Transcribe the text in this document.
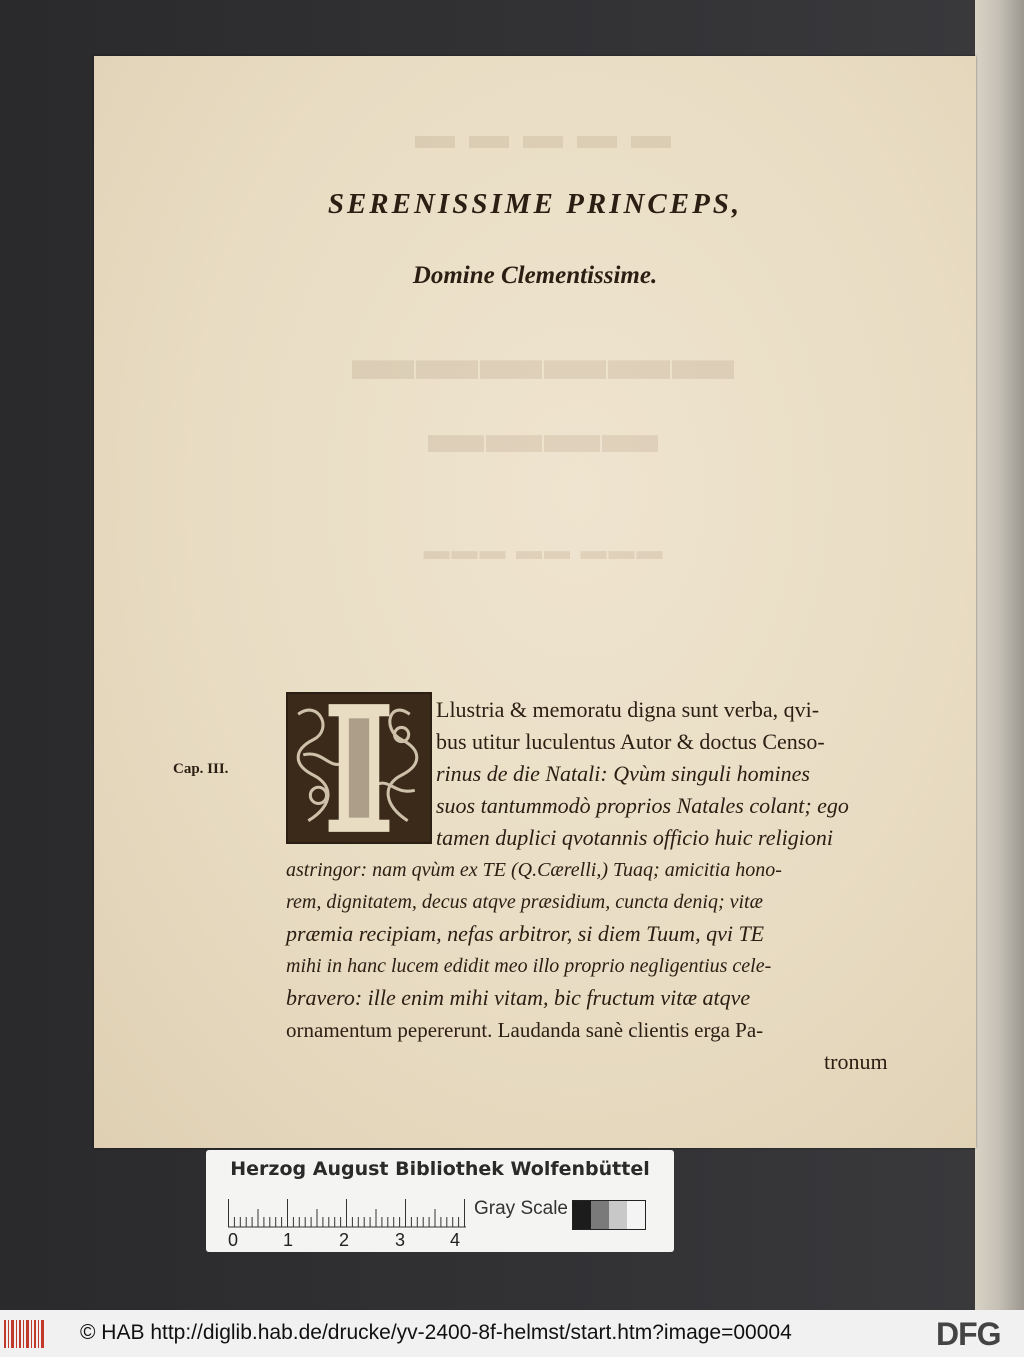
▬ ▬ ▬ ▬ ▬
▬▬▬▬▬▬
▬▬▬▬
▬▬▬ ▬▬ ▬▬▬
SERENISSIME PRINCEPS,
Domine Clementissime.
Cap. III.
Llustria & memoratu digna sunt verba, qvi-
bus utitur luculentus Autor & doctus Censo-
rinus de die Natali: Qvùm singuli homines
suos tantummodò proprios Natales colant; ego
tamen duplici qvotannis officio huic religioni
astringor: nam qvùm ex TE (Q.Cærelli,) Tuaq; amicitia hono-
rem, dignitatem, decus atqve præsidium, cuncta deniq; vitæ
præmia recipiam, nefas arbitror, si diem Tuum, qvi TE
mihi in hanc lucem edidit meo illo proprio negligentius cele-
bravero: ille enim mihi vitam, bic fructum vitæ atqve
ornamentum pepererunt. Laudanda sanè clientis erga Pa-
tronum
Herzog August Bibliothek Wolfenbüttel
0 1	2	3 4
Gray Scale
© HAB http://diglib.hab.de/drucke/yv-2400-8f-helmst/start.htm?image=00004	DFG
